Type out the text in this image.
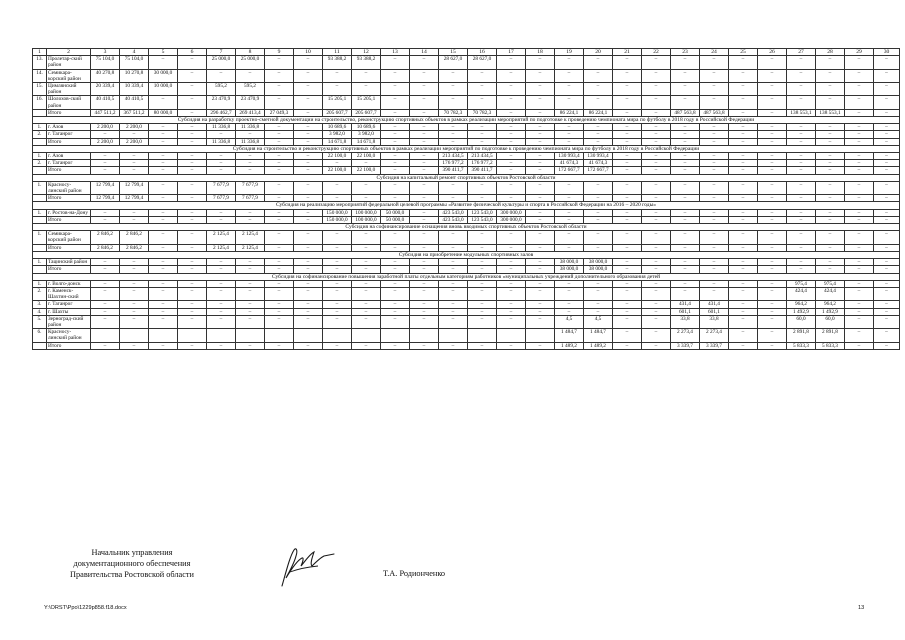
1	2	3	4	5	6	7	8	9	10	11	12	13	14	15	16	17	18	19	20	21	22	23	24	25	26	27	28	29	30
13.	Пролетар-ский район	75 104,0	75 104,0	–	–	25 000,0	25 000,0	–	–	93 388,2	93 388,2	–	–	28 627,0	28 627,0	–	–	–	–	–	–	–	–	–	–	–	–	–	–
14.	Семикара-корский район	40 270,8	10 270,8	30 000,0	–	–	–	–	–	–	–	–	–	–	–	–	–	–	–	–	–	–	–	–	–	–	–	–	–
15.	Цимлянский район	20 339,4	10 339,4	10 000,0	–	595,2	595,2	–	–	–	–	–	–	–	–	–	–	–	–	–	–	–	–	–	–	–	–	–	–
16.	Шолохов-ский район	40 410,5	40 410,5	–	–	23 470,9	23 470,9	–	–	15 205,1	15 205,1	–	–	–	–	–	–	–	–	–	–	–	–	–	–	–	–	–	–
	Итого	447 511,2	367 511,2	80 000,0	–	296 462,7	269 413,4	27 049,3	–	205 607,7	205 607,7	–	–	70 782,3	70 782,3	–	–	86 224,1	86 224,1	–	–	487 563,8	487 563,8	–	–	138 553,1	138 553,1	–	–
Субсидия на разработку проектно-сметной документации на строительство, реконструкцию спортивных объектов в рамках реализации мероприятий по подготовке к проведению чемпионата мира по футболу в 2018 году в Российской Федерации																													
1.	г. Азов	2 200,0	2 200,0	–	–	11 336,8	11 336,8	–	–	10 689,6	10 689,6	–	–	–	–	–	–	–	–	–	–	–	–	–	–	–	–	–	–
2.	г. Таганрог	–	–	–	–	–	–	–	–	3 982,0	3 982,0	–	–	–	–	–	–	–	–	–	–	–	–	–	–	–	–	–	–
	Итого	2 200,0	2 200,0	–	–	11 336,8	11 336,8	–	–	14 671,8	14 671,8	–	–	–	–	–	–	–	–	–	–	–	–	–	–	–	–	–	–
Субсидия на строительство и реконструкцию спортивных объектов в рамках реализации мероприятий по подготовке к проведению чемпионата мира по футболу в 2018 году в Российской Федерации																													
1.	г. Азов	–	–	–	–	–	–	–	–	22 100,0	22 100,0	–	–	213 434,5	213 434,5	–	–	130 993,4	130 993,4	–	–	–	–	–	–	–	–	–	–
2.	г. Таганрог	–	–	–	–	–	–	–	–	–	–	–	–	176 977,2	176 977,2	–	–	41 674,3	41 674,3	–	–	–	–	–	–	–	–	–	–
	Итого	–	–	–	–	–	–	–	–	22 100,0	22 100,0	–	–	390 411,7	390 411,7	–	–	172 667,7	172 667,7	–	–	–	–	–	–	–	–	–	–
Субсидия на капитальный ремонт спортивных объектов Ростовской области																													
1.	Красносу-линский район	12 799,4	12 799,4	–	–	7 677,9	7 677,9	–	–	–	–	–	–	–	–	–	–	–	–	–	–	–	–	–	–	–	–	–	–
	Итого	12 799,4	12 799,4	–	–	7 677,9	7 677,9	–	–	–	–	–	–	–	–	–	–	–	–	–	–	–	–	–	–	–	–	–	–
Субсидия на реализацию мероприятий федеральной целевой программы «Развитие физической культуры и спорта в Российской Федерации на 2016 – 2020 годы»																													
1.	г. Ростов-на-Дону	–	–	–	–	–	–	–	–	150 000,0	100 000,0	50 000,0	–	423 543,0	123 543,0	300 000,0	–	–	–	–	–	–	–	–	–	–	–	–	–
	Итого	–	–	–	–	–	–	–	–	150 000,0	100 000,0	50 000,0	–	423 543,0	123 543,0	300 000,0	–	–	–	–	–	–	–	–	–	–	–	–	–
Субсидия на софинансирование оснащения вновь вводимых спортивных объектов Ростовской области																													
1.	Семикара-корский район	2 846,2	2 846,2	–	–	2 125,4	2 125,4	–	–	–	–	–	–	–	–	–	–	–	–	–	–	–	–	–	–	–	–	–	–
	Итого	2 846,2	2 846,2	–	–	2 125,4	2 125,4	–	–	–	–	–	–	–	–	–	–	–	–	–	–	–	–	–	–	–	–	–	–
Субсидия на приобретение модульных спортивных залов																													
1.	Тацинский район	–	–	–	–	–	–	–	–	–	–	–	–	–	–	–	–	38 000,0	38 000,0	–	–	–	–	–	–	–	–	–	–
	Итого	–	–	–	–	–	–	–	–	–	–	–	–	–	–	–	–	38 000,0	38 000,0	–	–	–	–	–	–	–	–	–	–
Субсидия на софинансирование повышения заработной платы отдельным категориям работников «муниципальных учреждений дополнительного образования детей																													
1.	г. Волго-донск	–	–	–	–	–	–	–	–	–	–	–	–	–	–	–	–	–	–	–	–	–	–	–	–	975,4	975,4	–	–
2.	г. Каменск-Шахтин-ский	–	–	–	–	–	–	–	–	–	–	–	–	–	–	–	–	–	–	–	–	–	–	–	–	424,4	424,4	–	–
3.	г. Таганрог	–	–	–	–	–	–	–	–	–	–	–	–	–	–	–	–	–	–	–	–	431,4	431,4	–	–	964,2	964,2	–	–
4.	г. Шахты	–	–	–	–	–	–	–	–	–	–	–	–	–	–	–	–	–	–	–	–	601,1	601,1	–	–	1 492,9	1 492,9	–	–
5.	Зерноград-ский район	–	–	–	–	–	–	–	–	–	–	–	–	–	–	–	–	4,5	4,5	–	–	33,8	33,8	–	–	60,0	60,0	–	–
6.	Красносу-линский район																	1 484,7	1 484,7	–	–	2 273,4	2 273,4	–	–	2 891,8	2 891,8	–	–
	Итого	–	–	–	–	–	–	–	–	–	–	–	–	–	–	–	–	1 489,2	1 489,2	–	–	3 339,7	3 339,7	–	–	5 833,3	5 833,3	–	–
Начальник управления
документационного обеспечения
Правительства Ростовской области	Т.А. Родионченко
Y:\ORST\Ppo\1229p858.f18.docx	13
